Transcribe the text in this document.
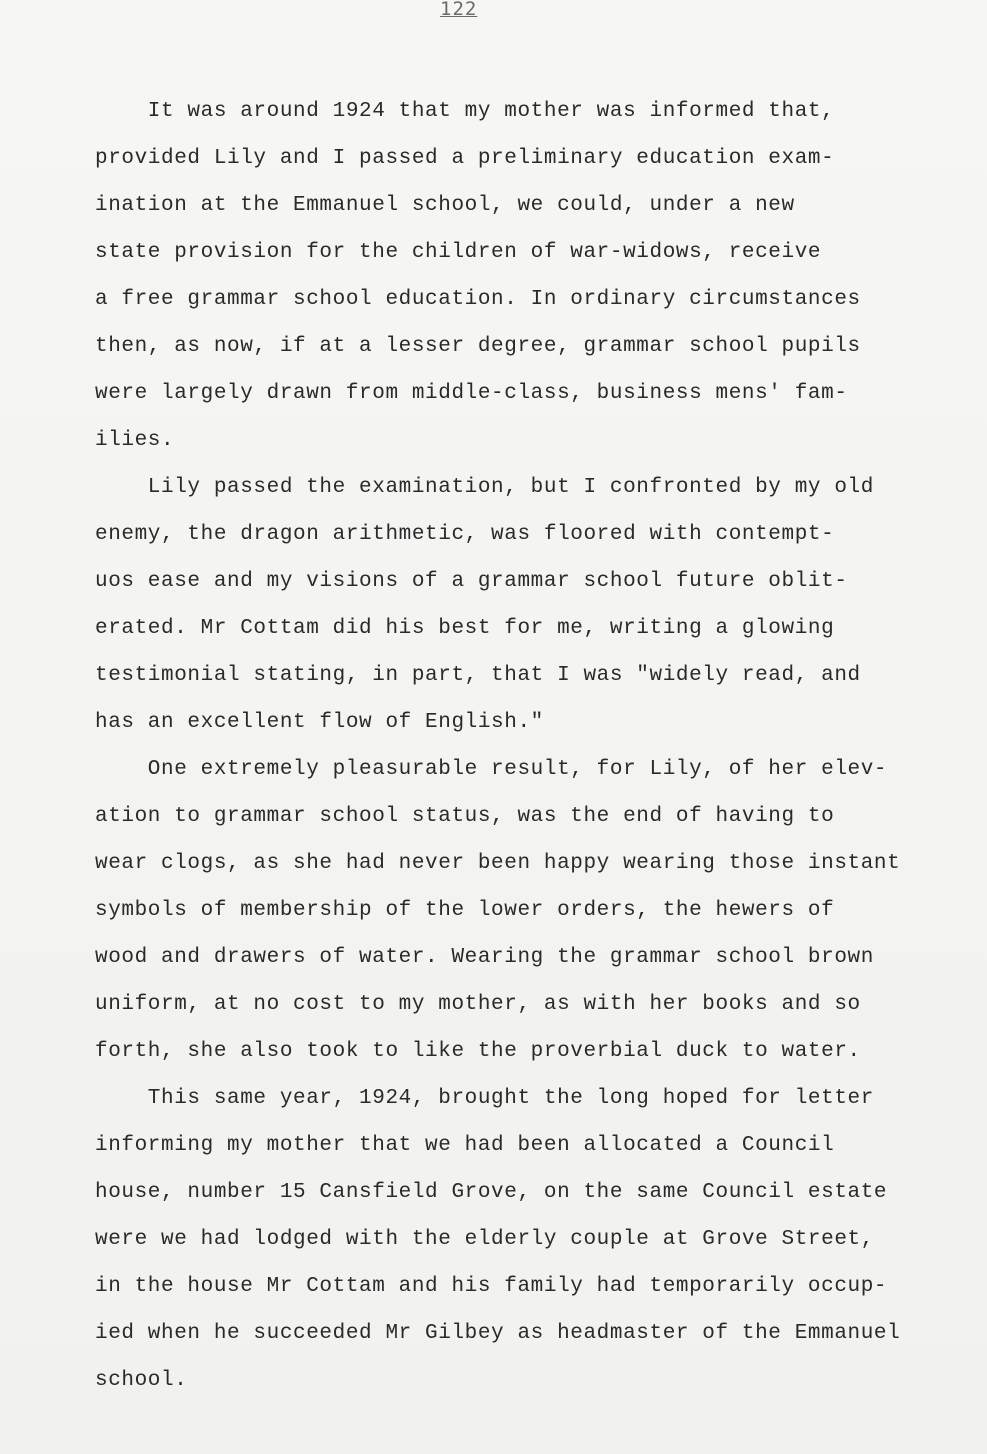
122
It was around 1924 that my mother was informed that,
provided Lily and I passed a preliminary education exam-
ination at the Emmanuel school, we could, under a new
state provision for the children of war-widows, receive
a free grammar school education. In ordinary circumstances
then, as now, if at a lesser degree, grammar school pupils
were largely drawn from middle-class, business mens' fam-
ilies.
Lily passed the examination, but I confronted by my old
enemy, the dragon arithmetic, was floored with contempt-
uos ease and my visions of a grammar school future oblit-
erated. Mr Cottam did his best for me, writing a glowing
testimonial stating, in part, that I was "widely read, and
has an excellent flow of English."
One extremely pleasurable result, for Lily, of her elev-
ation to grammar school status, was the end of having to
wear clogs, as she had never been happy wearing those instant
symbols of membership of the lower orders, the hewers of
wood and drawers of water. Wearing the grammar school brown
uniform, at no cost to my mother, as with her books and so
forth, she also took to like the proverbial duck to water.
This same year, 1924, brought the long hoped for letter
informing my mother that we had been allocated a Council
house, number 15 Cansfield Grove, on the same Council estate
were we had lodged with the elderly couple at Grove Street,
in the house Mr Cottam and his family had temporarily occup-
ied when he succeeded Mr Gilbey as headmaster of the Emmanuel
school.
